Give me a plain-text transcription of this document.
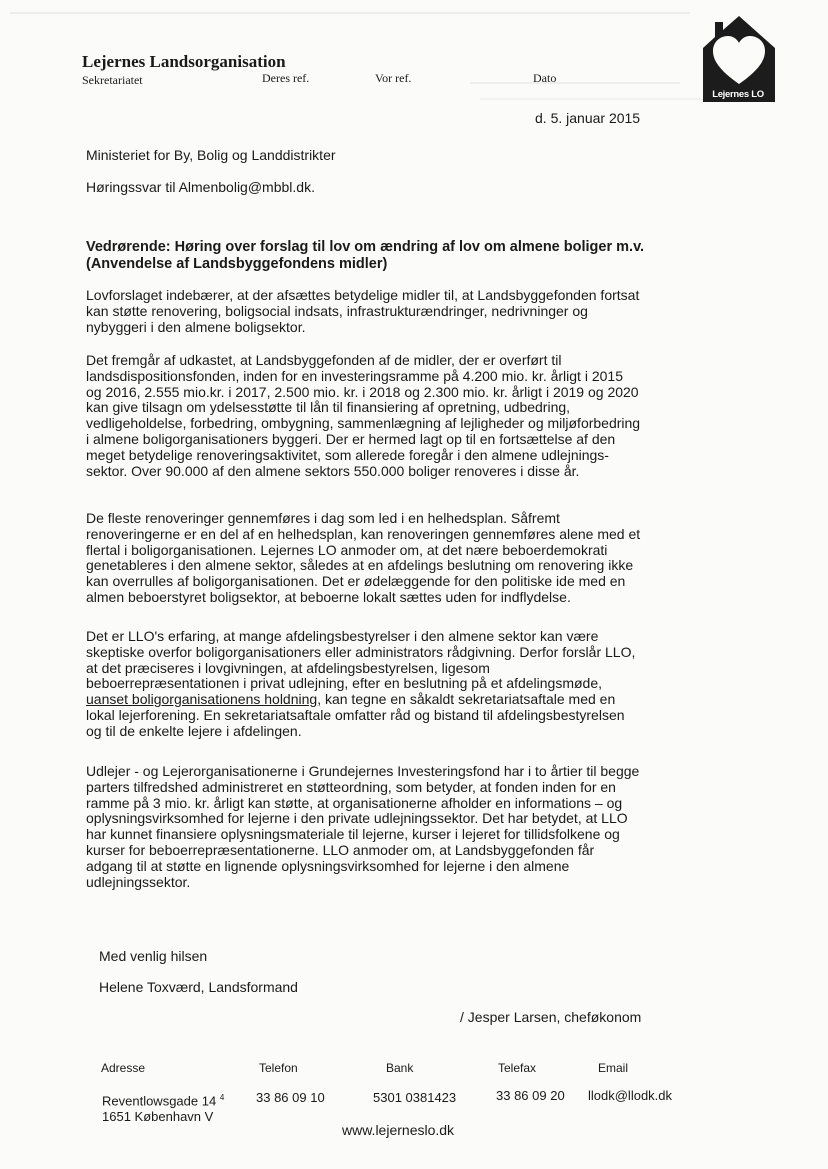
Lejernes Landsorganisation
Sekretariatet	Deres ref.	Vor ref.	Dato
d. 5. januar 2015
Lejernes LO
Ministeriet for By, Bolig og Landdistrikter
Høringssvar til Almenbolig@mbbl.dk.
Vedrørende: Høring over forslag til lov om ændring af lov om almene boliger m.v.
(Anvendelse af Landsbyggefondens midler)
Lovforslaget indebærer, at der afsættes betydelige midler til, at Landsbyggefonden fortsat
kan støtte renovering, boligsocial indsats, infrastrukturændringer, nedrivninger og
nybyggeri i den almene boligsektor.
Det fremgår af udkastet, at Landsbyggefonden af de midler, der er overført til
landsdispositionsfonden, inden for en investeringsramme på 4.200 mio. kr. årligt i 2015
og 2016, 2.555 mio.kr. i 2017, 2.500 mio. kr. i 2018 og 2.300 mio. kr. årligt i 2019 og 2020
kan give tilsagn om ydelsesstøtte til lån til finansiering af opretning, udbedring,
vedligeholdelse, forbedring, ombygning, sammenlægning af lejligheder og miljøforbedring
i almene boligorganisationers byggeri. Der er hermed lagt op til en fortsættelse af den
meget betydelige renoveringsaktivitet, som allerede foregår i den almene udlejnings-
sektor. Over 90.000 af den almene sektors 550.000 boliger renoveres i disse år.
De fleste renoveringer gennemføres i dag som led i en helhedsplan. Såfremt
renoveringerne er en del af en helhedsplan, kan renoveringen gennemføres alene med et
flertal i boligorganisationen. Lejernes LO anmoder om, at det nære beboerdemokrati
genetableres i den almene sektor, således at en afdelings beslutning om renovering ikke
kan overrulles af boligorganisationen. Det er ødelæggende for den politiske ide med en
almen beboerstyret boligsektor, at beboerne lokalt sættes uden for indflydelse.
Det er LLO's erfaring, at mange afdelingsbestyrelser i den almene sektor kan være
skeptiske overfor boligorganisationers eller administrators rådgivning. Derfor forslår LLO,
at det præciseres i lovgivningen, at afdelingsbestyrelsen, ligesom
beboerrepræsentationen i privat udlejning, efter en beslutning på et afdelingsmøde,
uanset boligorganisationens holdning, kan tegne en såkaldt sekretariatsaftale med en
lokal lejerforening. En sekretariatsaftale omfatter råd og bistand til afdelingsbestyrelsen
og til de enkelte lejere i afdelingen.
Udlejer - og Lejerorganisationerne i Grundejernes Investeringsfond har i to årtier til begge
parters tilfredshed administreret en støtteordning, som betyder, at fonden inden for en
ramme på 3 mio. kr. årligt kan støtte, at organisationerne afholder en informations – og
oplysningsvirksomhed for lejerne i den private udlejningssektor. Det har betydet, at LLO
har kunnet finansiere oplysningsmateriale til lejerne, kurser i lejeret for tillidsfolkene og
kurser for beboerrepræsentationerne. LLO anmoder om, at Landsbyggefonden får
adgang til at støtte en lignende oplysningsvirksomhed for lejerne i den almene
udlejningssektor.
Med venlig hilsen
Helene Toxværd, Landsformand
/ Jesper Larsen, cheføkonom
Adresse	Telefon	Bank	Telefax	Email
Reventlowsgade 14 $^4$
1651 København V
33 86 09 10	5301 0381423	33 86 09 20 llodk@llodk.dk
www.lejerneslo.dk
